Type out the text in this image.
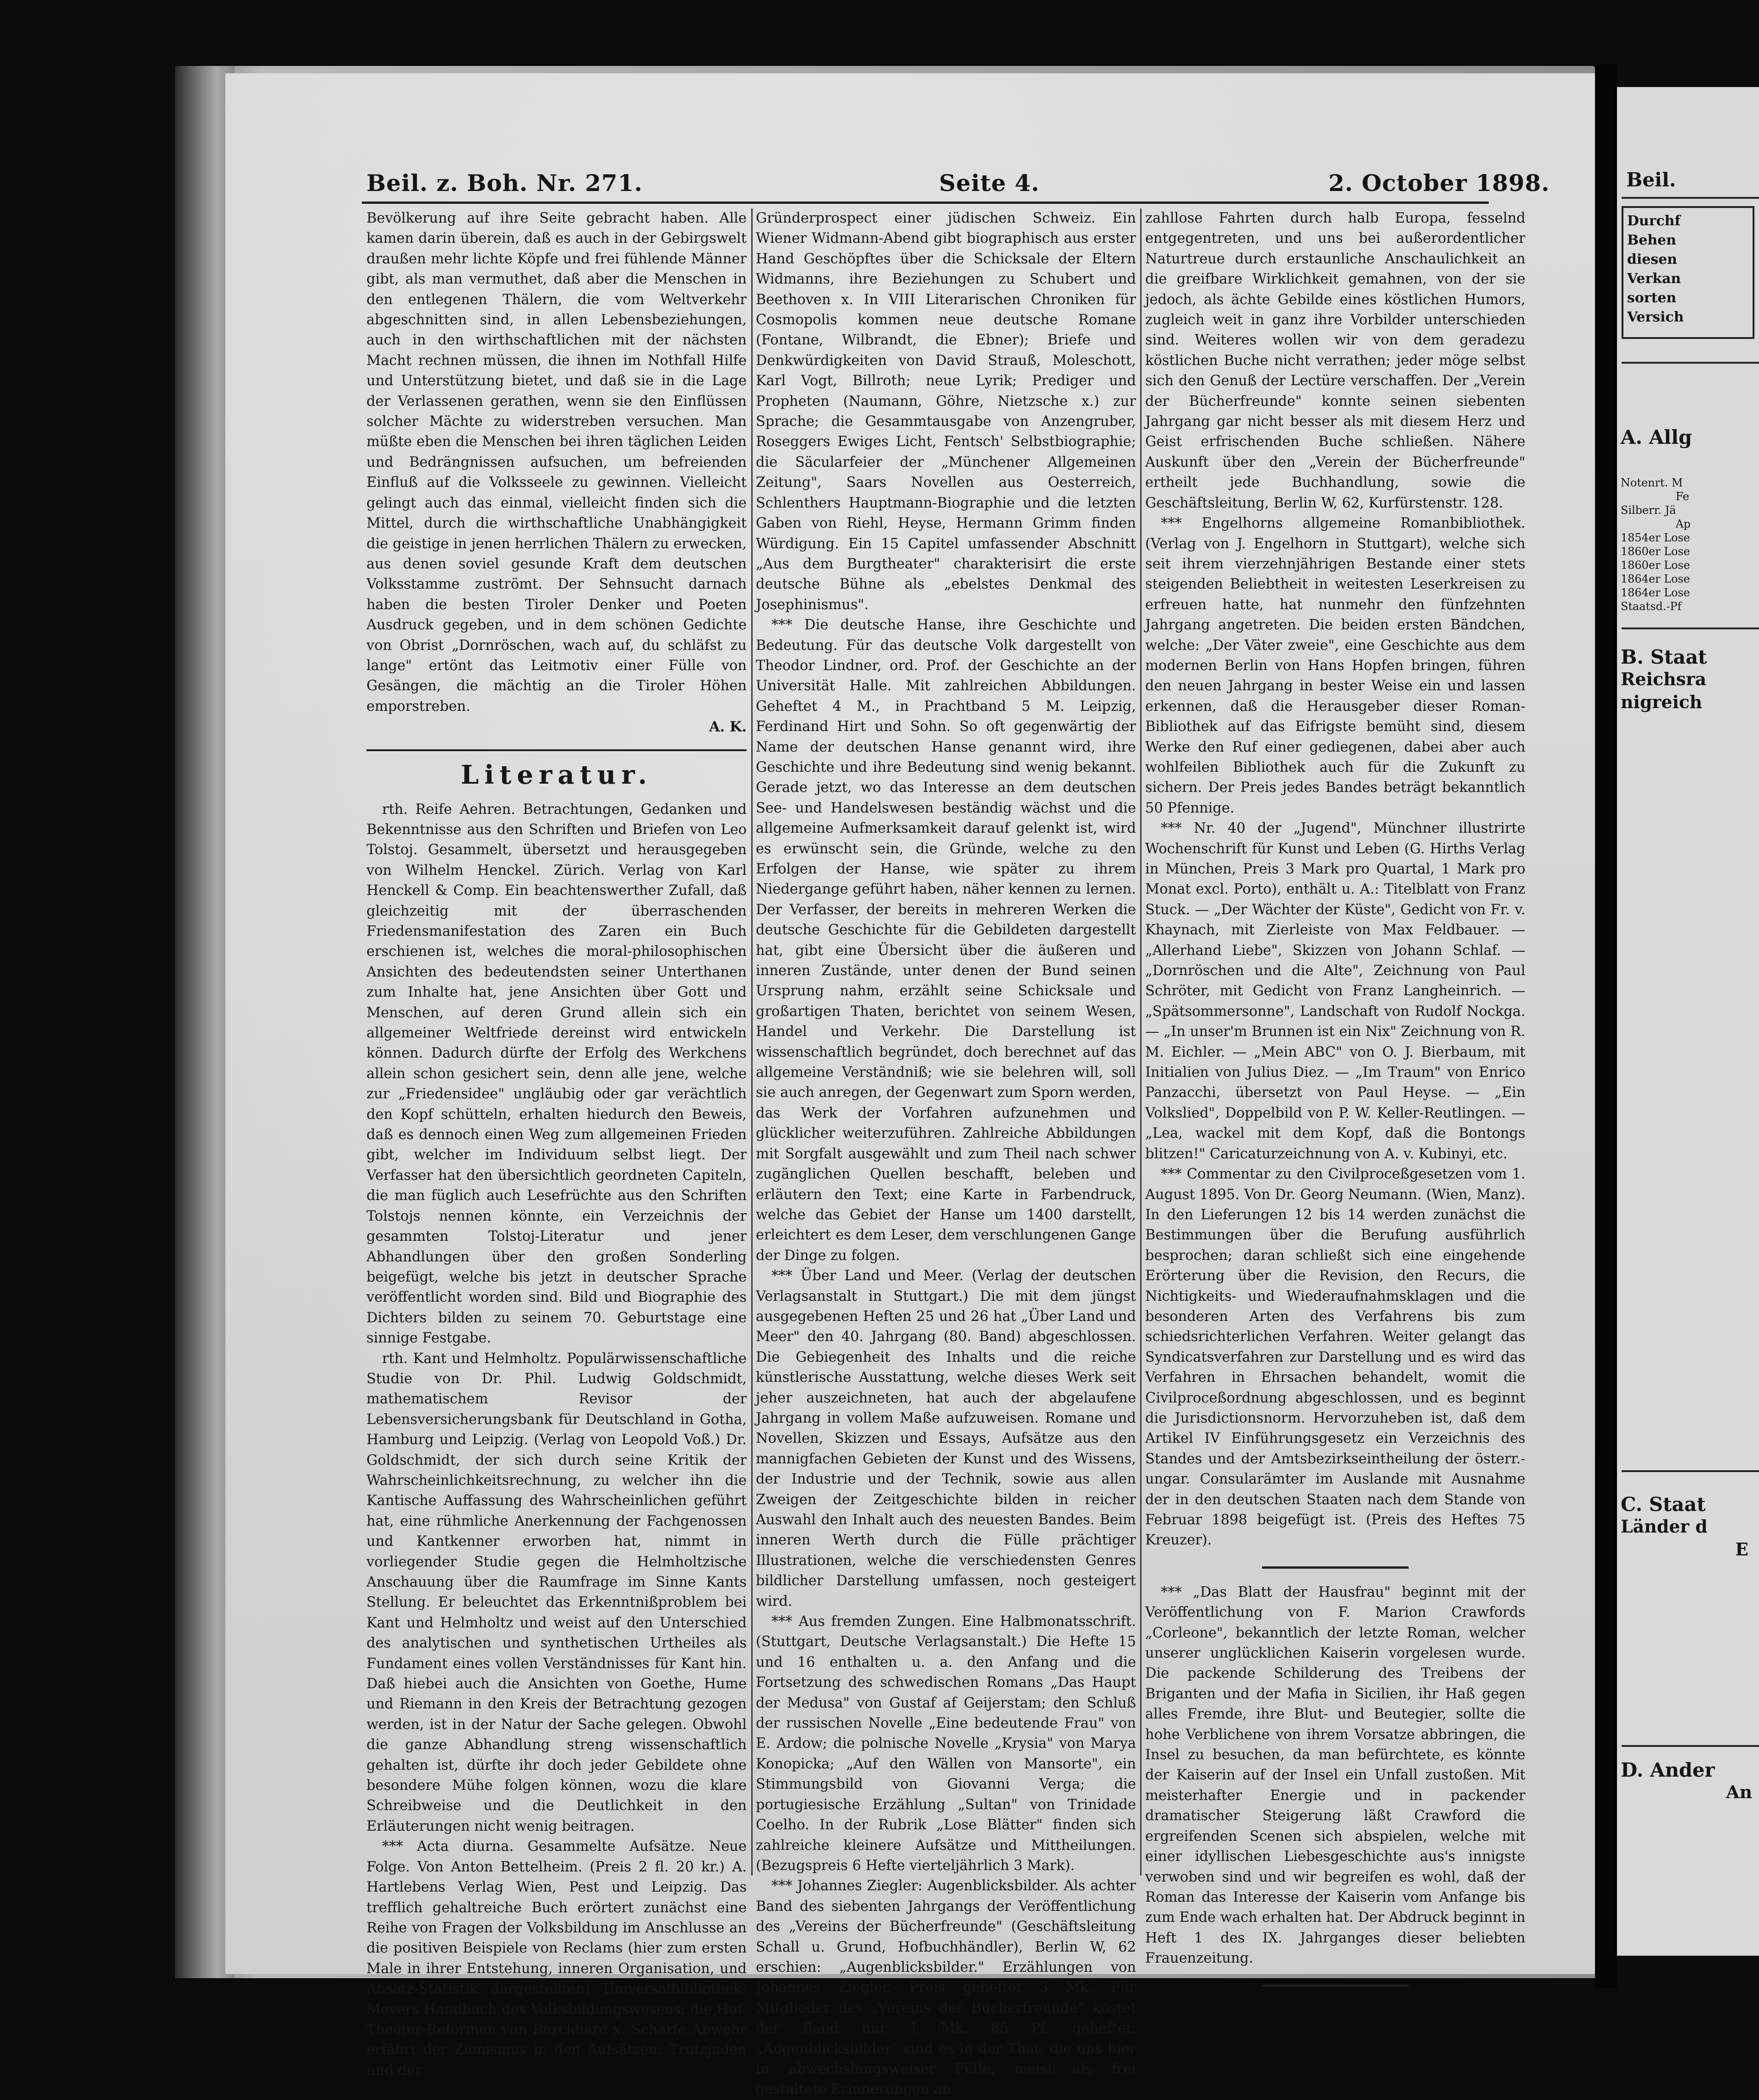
Beil. z. Boh. Nr. 271.	Seite 4.	2. October 1898.

Bevölkerung auf ihre Seite gebracht haben. Alle kamen darin überein, daß es auch in der Gebirgswelt draußen mehr lichte Köpfe und frei fühlende Männer gibt, als man vermuthet, daß aber die Menschen in den entlegenen Thälern, die vom Weltverkehr abgeschnitten sind, in allen Lebensbeziehungen, auch in den wirthschaftlichen mit der nächsten Macht rechnen müssen, die ihnen im Nothfall Hilfe und Unterstützung bietet, und daß sie in die Lage der Verlassenen gerathen, wenn sie den Einflüssen solcher Mächte zu widerstreben versuchen. Man müßte eben die Menschen bei ihren täglichen Leiden und Bedrängnissen aufsuchen, um befreienden Einfluß auf die Volksseele zu gewinnen. Vielleicht gelingt auch das einmal, vielleicht finden sich die Mittel, durch die wirthschaftliche Unabhängigkeit die geistige in jenen herrlichen Thälern zu erwecken, aus denen soviel gesunde Kraft dem deutschen Volksstamme zuströmt. Der Sehnsucht darnach haben die besten Tiroler Denker und Poeten Ausdruck gegeben, und in dem schönen Gedichte von Obrist „Dornröschen, wach auf, du schläfst zu lange" ertönt das Leitmotiv einer Fülle von Gesängen, die mächtig an die Tiroler Höhen emporstreben.

A. K.

Literatur.

rth. Reife Aehren. Betrachtungen, Gedanken und Bekenntnisse aus den Schriften und Briefen von Leo Tolstoj. Gesammelt, übersetzt und herausgegeben von Wilhelm Henckel. Zürich. Verlag von Karl Henckell & Comp. Ein beachtenswerther Zufall, daß gleichzeitig mit der überraschenden Friedensmanifestation des Zaren ein Buch erschienen ist, welches die moral-philosophischen Ansichten des bedeutendsten seiner Unterthanen zum Inhalte hat, jene Ansichten über Gott und Menschen, auf deren Grund allein sich ein allgemeiner Weltfriede dereinst wird entwickeln können. Dadurch dürfte der Erfolg des Werkchens allein schon gesichert sein, denn alle jene, welche zur „Friedensidee" ungläubig oder gar verächtlich den Kopf schütteln, erhalten hiedurch den Beweis, daß es dennoch einen Weg zum allgemeinen Frieden gibt, welcher im Individuum selbst liegt. Der Verfasser hat den übersichtlich geordneten Capiteln, die man füglich auch Lesefrüchte aus den Schriften Tolstojs nennen könnte, ein Verzeichnis der gesammten Tolstoj-Literatur und jener Abhandlungen über den großen Sonderling beigefügt, welche bis jetzt in deutscher Sprache veröffentlicht worden sind. Bild und Biographie des Dichters bilden zu seinem 70. Geburtstage eine sinnige Festgabe.

rth. Kant und Helmholtz. Populärwissenschaftliche Studie von Dr. Phil. Ludwig Goldschmidt, mathematischem Revisor der Lebensversicherungsbank für Deutschland in Gotha, Hamburg und Leipzig. (Verlag von Leopold Voß.) Dr. Goldschmidt, der sich durch seine Kritik der Wahrscheinlichkeitsrechnung, zu welcher ihn die Kantische Auffassung des Wahrscheinlichen geführt hat, eine rühmliche Anerkennung der Fachgenossen und Kantkenner erworben hat, nimmt in vorliegender Studie gegen die Helmholtzische Anschauung über die Raumfrage im Sinne Kants Stellung. Er beleuchtet das Erkenntnißproblem bei Kant und Helmholtz und weist auf den Unterschied des analytischen und synthetischen Urtheiles als Fundament eines vollen Verständnisses für Kant hin. Daß hiebei auch die Ansichten von Goethe, Hume und Riemann in den Kreis der Betrachtung gezogen werden, ist in der Natur der Sache gelegen. Obwohl die ganze Abhandlung streng wissenschaftlich gehalten ist, dürfte ihr doch jeder Gebildete ohne besondere Mühe folgen können, wozu die klare Schreibweise und die Deutlichkeit in den Erläuterungen nicht wenig beitragen.

*** Acta diurna. Gesammelte Aufsätze. Neue Folge. Von Anton Bettelheim. (Preis 2 fl. 20 kr.) A. Hartlebens Verlag Wien, Pest und Leipzig. Das trefflich gehaltreiche Buch erörtert zunächst eine Reihe von Fragen der Volksbildung im Anschlusse an die positiven Beispiele von Reclams (hier zum ersten Male in ihrer Entstehung, inneren Organisation, und Absatz-Statistik dargestellten) Universalbibliothek; Meyers Handbuch des Volksbildungswesens; die Hof-Theater-Reformen von Burckhard x. Scharfe Abwehr erfährt der Zionismus in den Aufsätzen: Trutzjuden und der

Gründerprospect einer jüdischen Schweiz. Ein Wiener Widmann-Abend gibt biographisch aus erster Hand Geschöpftes über die Schicksale der Eltern Widmanns, ihre Beziehungen zu Schubert und Beethoven x. In VIII Literarischen Chroniken für Cosmopolis kommen neue deutsche Romane (Fontane, Wilbrandt, die Ebner); Briefe und Denkwürdigkeiten von David Strauß, Moleschott, Karl Vogt, Billroth; neue Lyrik; Prediger und Propheten (Naumann, Göhre, Nietzsche x.) zur Sprache; die Gesammtausgabe von Anzengruber, Roseggers Ewiges Licht, Fentsch' Selbstbiographie; die Säcularfeier der „Münchener Allgemeinen Zeitung", Saars Novellen aus Oesterreich, Schlenthers Hauptmann-Biographie und die letzten Gaben von Riehl, Heyse, Hermann Grimm finden Würdigung. Ein 15 Capitel umfassender Abschnitt „Aus dem Burgtheater" charakterisirt die erste deutsche Bühne als „ebelstes Denkmal des Josephinismus".

*** Die deutsche Hanse, ihre Geschichte und Bedeutung. Für das deutsche Volk dargestellt von Theodor Lindner, ord. Prof. der Geschichte an der Universität Halle. Mit zahlreichen Abbildungen. Geheftet 4 M., in Prachtband 5 M. Leipzig, Ferdinand Hirt und Sohn. So oft gegenwärtig der Name der deutschen Hanse genannt wird, ihre Geschichte und ihre Bedeutung sind wenig bekannt. Gerade jetzt, wo das Interesse an dem deutschen See- und Handelswesen beständig wächst und die allgemeine Aufmerksamkeit darauf gelenkt ist, wird es erwünscht sein, die Gründe, welche zu den Erfolgen der Hanse, wie später zu ihrem Niedergange geführt haben, näher kennen zu lernen. Der Verfasser, der bereits in mehreren Werken die deutsche Geschichte für die Gebildeten dargestellt hat, gibt eine Übersicht über die äußeren und inneren Zustände, unter denen der Bund seinen Ursprung nahm, erzählt seine Schicksale und großartigen Thaten, berichtet von seinem Wesen, Handel und Verkehr. Die Darstellung ist wissenschaftlich begründet, doch berechnet auf das allgemeine Verständniß; wie sie belehren will, soll sie auch anregen, der Gegenwart zum Sporn werden, das Werk der Vorfahren aufzunehmen und glücklicher weiterzuführen. Zahlreiche Abbildungen mit Sorgfalt ausgewählt und zum Theil nach schwer zugänglichen Quellen beschafft, beleben und erläutern den Text; eine Karte in Farbendruck, welche das Gebiet der Hanse um 1400 darstellt, erleichtert es dem Leser, dem verschlungenen Gange der Dinge zu folgen.

*** Über Land und Meer. (Verlag der deutschen Verlagsanstalt in Stuttgart.) Die mit dem jüngst ausgegebenen Heften 25 und 26 hat „Über Land und Meer" den 40. Jahrgang (80. Band) abgeschlossen. Die Gebiegenheit des Inhalts und die reiche künstlerische Ausstattung, welche dieses Werk seit jeher auszeichneten, hat auch der abgelaufene Jahrgang in vollem Maße aufzuweisen. Romane und Novellen, Skizzen und Essays, Aufsätze aus den mannigfachen Gebieten der Kunst und des Wissens, der Industrie und der Technik, sowie aus allen Zweigen der Zeitgeschichte bilden in reicher Auswahl den Inhalt auch des neuesten Bandes. Beim inneren Werth durch die Fülle prächtiger Illustrationen, welche die verschiedensten Genres bildlicher Darstellung umfassen, noch gesteigert wird.

*** Aus fremden Zungen. Eine Halbmonatsschrift. (Stuttgart, Deutsche Verlagsanstalt.) Die Hefte 15 und 16 enthalten u. a. den Anfang und die Fortsetzung des schwedischen Romans „Das Haupt der Medusa" von Gustaf af Geijerstam; den Schluß der russischen Novelle „Eine bedeutende Frau" von E. Ardow; die polnische Novelle „Krysia" von Marya Konopicka; „Auf den Wällen von Mansorte", ein Stimmungsbild von Giovanni Verga; die portugiesische Erzählung „Sultan" von Trinidade Coelho. In der Rubrik „Lose Blätter" finden sich zahlreiche kleinere Aufsätze und Mittheilungen. (Bezugspreis 6 Hefte vierteljährlich 3 Mark).

*** Johannes Ziegler: Augenblicksbilder. Als achter Band des siebenten Jahrgangs der Veröffentlichung des „Vereins der Bücherfreunde" (Geschäftsleitung Schall u. Grund, Hofbuchhändler), Berlin W, 62 erschien: „Augenblicksbilder." Erzählungen von Johannes Ziegler. Preis geheftet 3 Mk. Für Mitglieder des „Vereins der Bücherfreunde" kostet der Band nur 1 Mk. 85 Pf. geheftet. „Augenblicksbilder" sind es in der That, die uns hier in abwechslungsweiser Fülle, meist als frei gestaltete Erinnerungen an

zahllose Fahrten durch halb Europa, fesselnd entgegentreten, und uns bei außerordentlicher Naturtreue durch erstaunliche Anschaulichkeit an die greifbare Wirklichkeit gemahnen, von der sie jedoch, als ächte Gebilde eines köstlichen Humors, zugleich weit in ganz ihre Vorbilder unterschieden sind. Weiteres wollen wir von dem geradezu köstlichen Buche nicht verrathen; jeder möge selbst sich den Genuß der Lectüre verschaffen. Der „Verein der Bücherfreunde" konnte seinen siebenten Jahrgang gar nicht besser als mit diesem Herz und Geist erfrischenden Buche schließen. Nähere Auskunft über den „Verein der Bücherfreunde" ertheilt jede Buchhandlung, sowie die Geschäftsleitung, Berlin W, 62, Kurfürstenstr. 128.

*** Engelhorns allgemeine Romanbibliothek. (Verlag von J. Engelhorn in Stuttgart), welche sich seit ihrem vierzehnjährigen Bestande einer stets steigenden Beliebtheit in weitesten Leserkreisen zu erfreuen hatte, hat nunmehr den fünfzehnten Jahrgang angetreten. Die beiden ersten Bändchen, welche: „Der Väter zweie", eine Geschichte aus dem modernen Berlin von Hans Hopfen bringen, führen den neuen Jahrgang in bester Weise ein und lassen erkennen, daß die Herausgeber dieser Roman-Bibliothek auf das Eifrigste bemüht sind, diesem Werke den Ruf einer gediegenen, dabei aber auch wohlfeilen Bibliothek auch für die Zukunft zu sichern. Der Preis jedes Bandes beträgt bekanntlich 50 Pfennige.

*** Nr. 40 der „Jugend", Münchner illustrirte Wochenschrift für Kunst und Leben (G. Hirths Verlag in München, Preis 3 Mark pro Quartal, 1 Mark pro Monat excl. Porto), enthält u. A.: Titelblatt von Franz Stuck. — „Der Wächter der Küste", Gedicht von Fr. v. Khaynach, mit Zierleiste von Max Feldbauer. — „Allerhand Liebe", Skizzen von Johann Schlaf. — „Dornröschen und die Alte", Zeichnung von Paul Schröter, mit Gedicht von Franz Langheinrich. — „Spätsommersonne", Landschaft von Rudolf Nockga. — „In unser'm Brunnen ist ein Nix" Zeichnung von R. M. Eichler. — „Mein ABC" von O. J. Bierbaum, mit Initialien von Julius Diez. — „Im Traum" von Enrico Panzacchi, übersetzt von Paul Heyse. — „Ein Volkslied", Doppelbild von P. W. Keller-Reutlingen. — „Lea, wackel mit dem Kopf, daß die Bontongs blitzen!" Caricaturzeichnung von A. v. Kubinyi, etc.

*** Commentar zu den Civilproceßgesetzen vom 1. August 1895. Von Dr. Georg Neumann. (Wien, Manz). In den Lieferungen 12 bis 14 werden zunächst die Bestimmungen über die Berufung ausführlich besprochen; daran schließt sich eine eingehende Erörterung über die Revision, den Recurs, die Nichtigkeits- und Wiederaufnahmsklagen und die besonderen Arten des Verfahrens bis zum schiedsrichterlichen Verfahren. Weiter gelangt das Syndicatsverfahren zur Darstellung und es wird das Verfahren in Ehrsachen behandelt, womit die Civilproceßordnung abgeschlossen, und es beginnt die Jurisdictionsnorm. Hervorzuheben ist, daß dem Artikel IV Einführungsgesetz ein Verzeichnis des Standes und der Amtsbezirkseintheilung der österr.-ungar. Consularämter im Auslande mit Ausnahme der in den deutschen Staaten nach dem Stande von Februar 1898 beigefügt ist. (Preis des Heftes 75 Kreuzer).

*** „Das Blatt der Hausfrau" beginnt mit der Veröffentlichung von F. Marion Crawfords „Corleone", bekanntlich der letzte Roman, welcher unserer unglücklichen Kaiserin vorgelesen wurde. Die packende Schilderung des Treibens der Briganten und der Mafia in Sicilien, ihr Haß gegen alles Fremde, ihre Blut- und Beutegier, sollte die hohe Verblichene von ihrem Vorsatze abbringen, die Insel zu besuchen, da man befürchtete, es könnte der Kaiserin auf der Insel ein Unfall zustoßen. Mit meisterhafter Energie und in packender dramatischer Steigerung läßt Crawford die ergreifenden Scenen sich abspielen, welche mit einer idyllischen Liebesgeschichte aus's innigste verwoben sind und wir begreifen es wohl, daß der Roman das Interesse der Kaiserin vom Anfange bis zum Ende wach erhalten hat. Der Abdruck beginnt in Heft 1 des IX. Jahrganges dieser beliebten Frauenzeitung.

Beil.
Durchf
Behen
diesen
Verkan
sorten
Versich
A. Allg
Notenrt. M
Fe
Silberr. Jä
Ap
1854er Lose
1860er Lose
1860er Lose
1864er Lose
1864er Lose
Staatsd.-Pf
B. Staat
Reichsra
nigreich
C. Staat
Länder d
E
D. Ander
An
